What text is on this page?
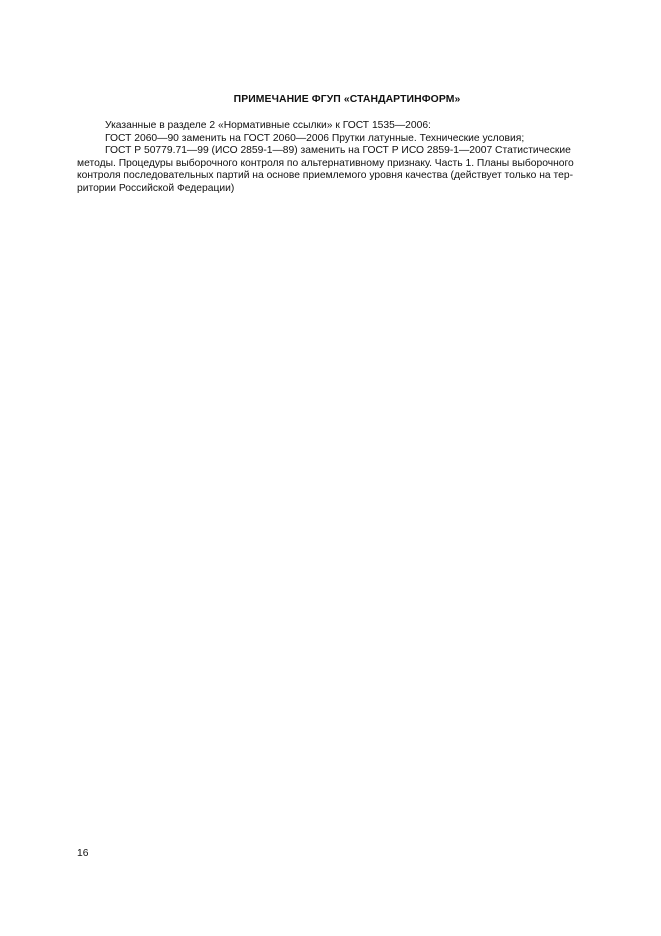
ПРИМЕЧАНИЕ ФГУП «СТАНДАРТИНФОРМ»
Указанные в разделе 2 «Нормативные ссылки» к ГОСТ 1535—2006:
ГОСТ 2060—90 заменить на ГОСТ 2060—2006 Прутки латунные. Технические условия;
ГОСТ Р 50779.71—99 (ИСО 2859-1—89) заменить на ГОСТ Р ИСО 2859-1—2007 Статистические
методы. Процедуры выборочного контроля по альтернативному признаку. Часть 1. Планы выборочного
контроля последовательных партий на основе приемлемого уровня качества (действует только на тер-
ритории Российской Федерации)
16
